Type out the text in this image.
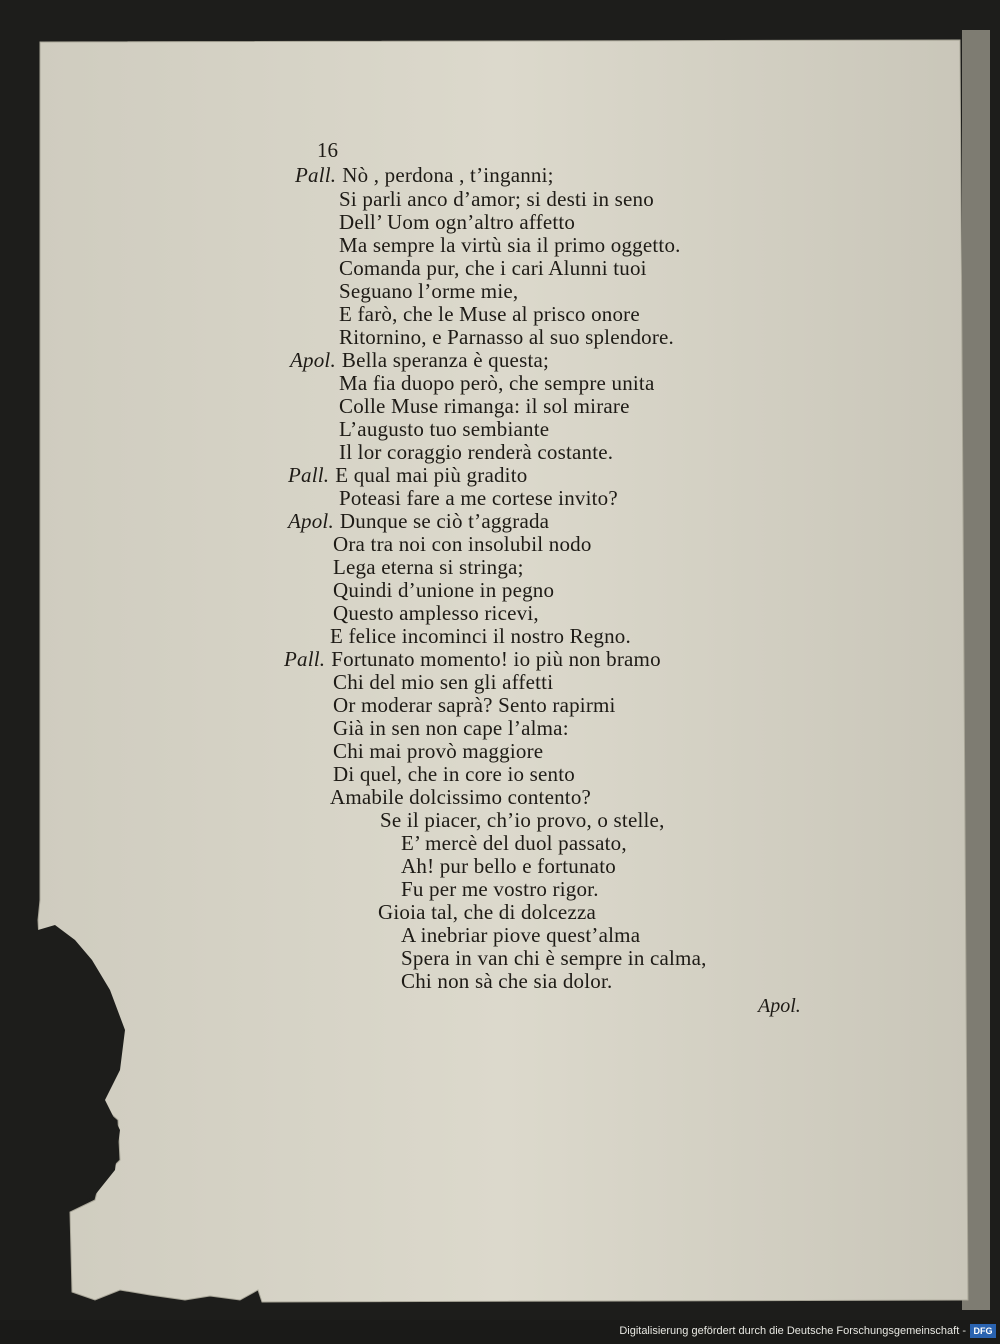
16
Pall. Nò , perdona , t’inganni;
Si parli anco d’amor; si desti in seno
Dell’ Uom ogn’altro affetto
Ma sempre la virtù sia il primo oggetto.
Comanda pur, che i cari Alunni tuoi
Seguano l’orme mie,
E farò, che le Muse al prisco onore
Ritornino, e Parnasso al suo splendore.
Apol. Bella speranza è questa;
Ma fia duopo però, che sempre unita
Colle Muse rimanga: il sol mirare
L’augusto tuo sembiante
Il lor coraggio renderà costante.
Pall. E qual mai più gradito
Poteasi fare a me cortese invito?
Apol. Dunque se ciò t’aggrada
Ora tra noi con insolubil nodo
Lega eterna si stringa;
Quindi d’unione in pegno
Questo amplesso ricevi,
E felice incominci il nostro Regno.
Pall. Fortunato momento! io più non bramo
Chi del mio sen gli affetti
Or moderar saprà? Sento rapirmi
Già in sen non cape l’alma:
Chi mai provò maggiore
Di quel, che in core io sento
Amabile dolcissimo contento?
Se il piacer, ch’io provo, o stelle,
E’ mercè del duol passato,
Ah! pur bello e fortunato
Fu per me vostro rigor.
Gioia tal, che di dolcezza
A inebriar piove quest’alma
Spera in van chi è sempre in calma,
Chi non sà che sia dolor.
Apol.
Digitalisierung gefördert durch die Deutsche Forschungsgemeinschaft - DFG
